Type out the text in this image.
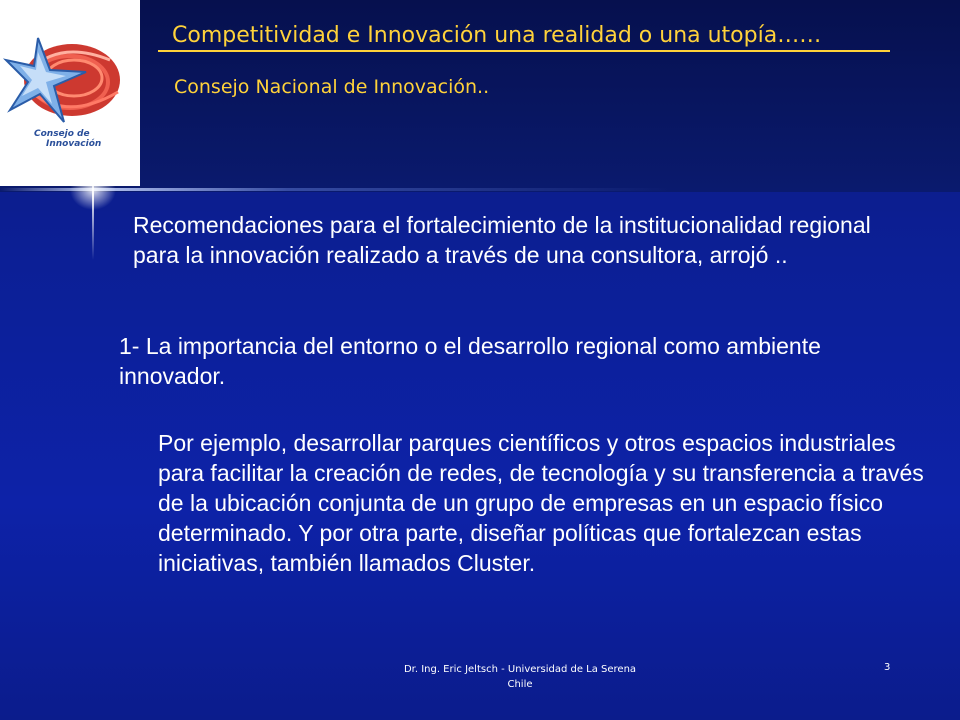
Consejo de
Innovación
Competitividad e Innovación una realidad o una utopía……
Consejo Nacional de Innovación..
Recomendaciones para el fortalecimiento de la institucionalidad regional para la innovación realizado a través de una consultora, arrojó ..
1- La importancia del entorno o el desarrollo regional como ambiente innovador.
Por ejemplo, desarrollar parques científicos y otros espacios industriales para facilitar la creación de redes, de tecnología y su transferencia a través de la ubicación conjunta de un grupo de empresas en un espacio físico determinado. Y por otra parte, diseñar políticas que fortalezcan estas iniciativas, también llamados Cluster.
Dr. Ing. Eric Jeltsch - Universidad de La Serena
Chile
3
